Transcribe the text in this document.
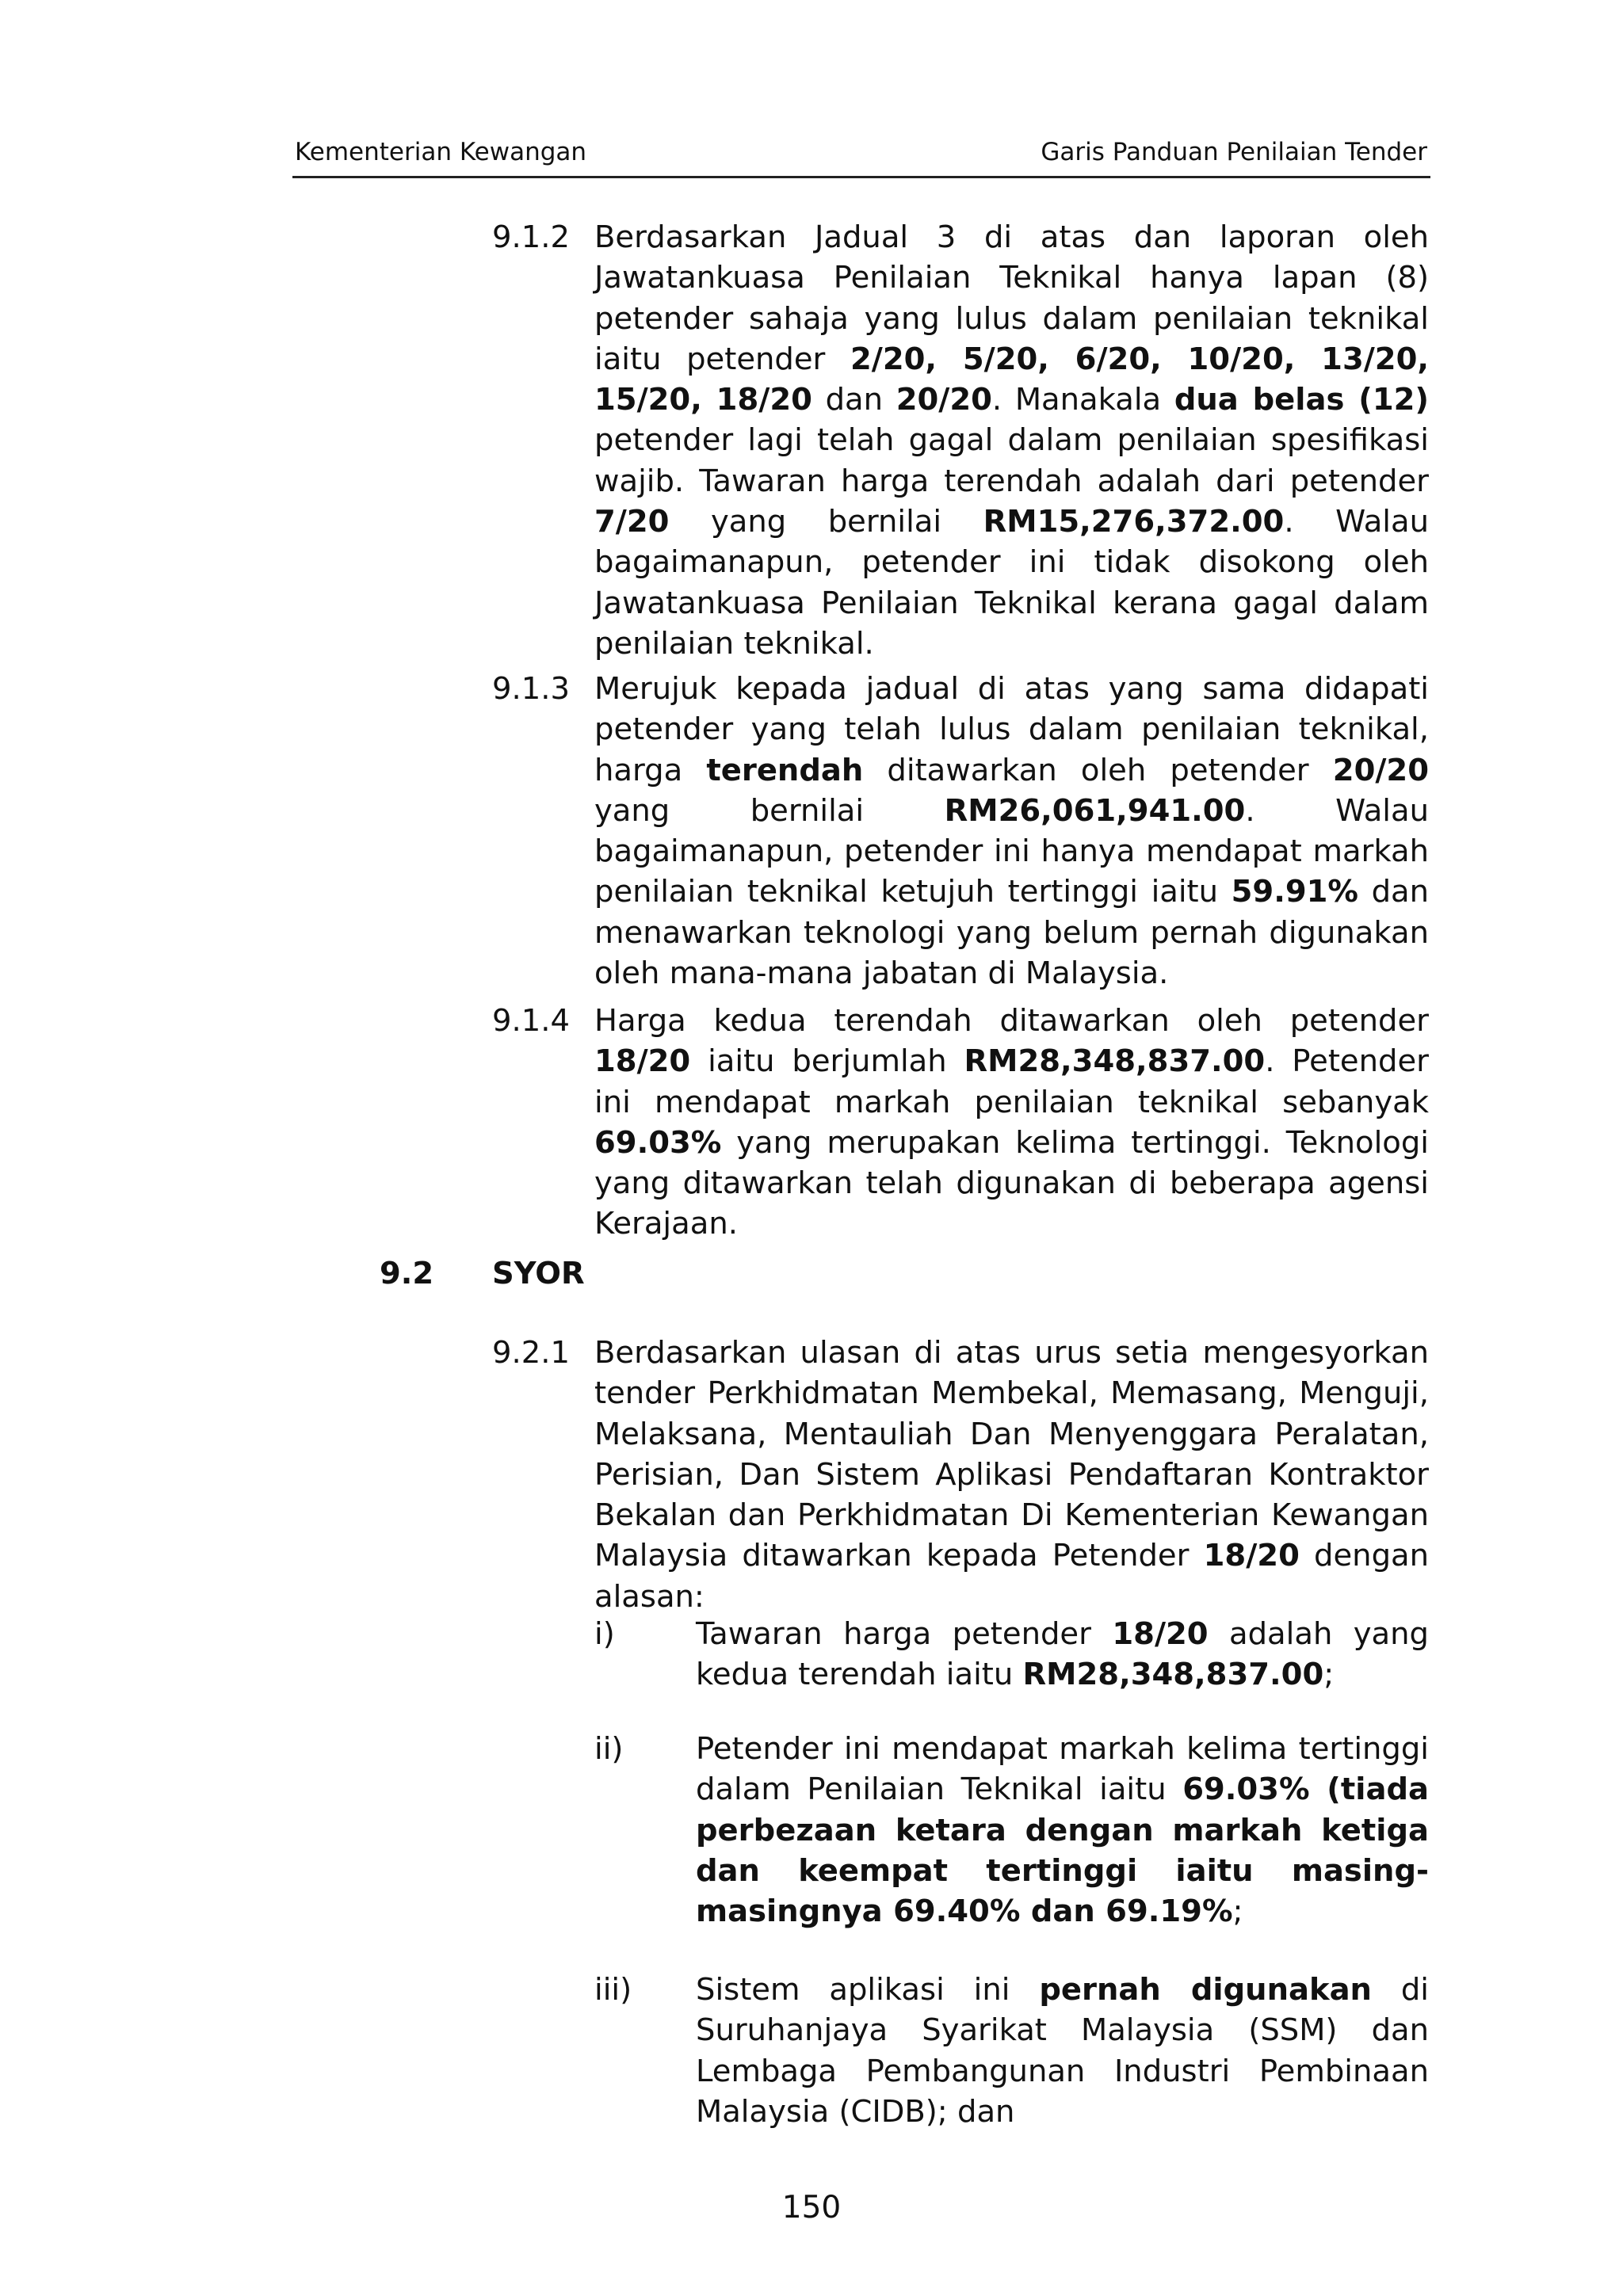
Kementerian Kewangan	Garis Panduan Penilaian Tender
9.1.2 Berdasarkan Jadual 3 di atas dan laporan oleh Jawatankuasa Penilaian Teknikal hanya lapan (8) petender sahaja yang lulus dalam penilaian teknikal iaitu petender 2/20, 5/20, 6/20, 10/20, 13/20, 15/20, 18/20 dan 20/20. Manakala dua belas (12) petender lagi telah gagal dalam penilaian spesifikasi wajib. Tawaran harga terendah adalah dari petender 7/20 yang bernilai RM15,276,372.00. Walau bagaimanapun, petender ini tidak disokong oleh Jawatankuasa Penilaian Teknikal kerana gagal dalam penilaian teknikal.
9.1.3 Merujuk kepada jadual di atas yang sama didapati petender yang telah lulus dalam penilaian teknikal, harga terendah ditawarkan oleh petender 20/20 yang bernilai RM26,061,941.00. Walau bagaimanapun, petender ini hanya mendapat markah penilaian teknikal ketujuh tertinggi iaitu 59.91% dan menawarkan teknologi yang belum pernah digunakan oleh mana-mana jabatan di Malaysia.
9.1.4 Harga kedua terendah ditawarkan oleh petender 18/20 iaitu berjumlah RM28,348,837.00. Petender ini mendapat markah penilaian teknikal sebanyak 69.03% yang merupakan kelima tertinggi. Teknologi yang ditawarkan telah digunakan di beberapa agensi Kerajaan.
9.2 SYOR
9.2.1 Berdasarkan ulasan di atas urus setia mengesyorkan tender Perkhidmatan Membekal, Memasang, Menguji, Melaksana, Mentauliah Dan Menyenggara Peralatan, Perisian, Dan Sistem Aplikasi Pendaftaran Kontraktor Bekalan dan Perkhidmatan Di Kementerian Kewangan Malaysia ditawarkan kepada Petender 18/20 dengan alasan:
i)	Tawaran harga petender 18/20 adalah yang kedua terendah iaitu RM28,348,837.00;
ii) Petender ini mendapat markah kelima tertinggi dalam Penilaian Teknikal iaitu 69.03% (tiada perbezaan ketara dengan markah ketiga dan keempat tertinggi iaitu masing-masingnya 69.40% dan 69.19%;
iii) Sistem aplikasi ini pernah digunakan di Suruhanjaya Syarikat Malaysia (SSM) dan Lembaga Pembangunan Industri Pembinaan Malaysia (CIDB); dan
150
